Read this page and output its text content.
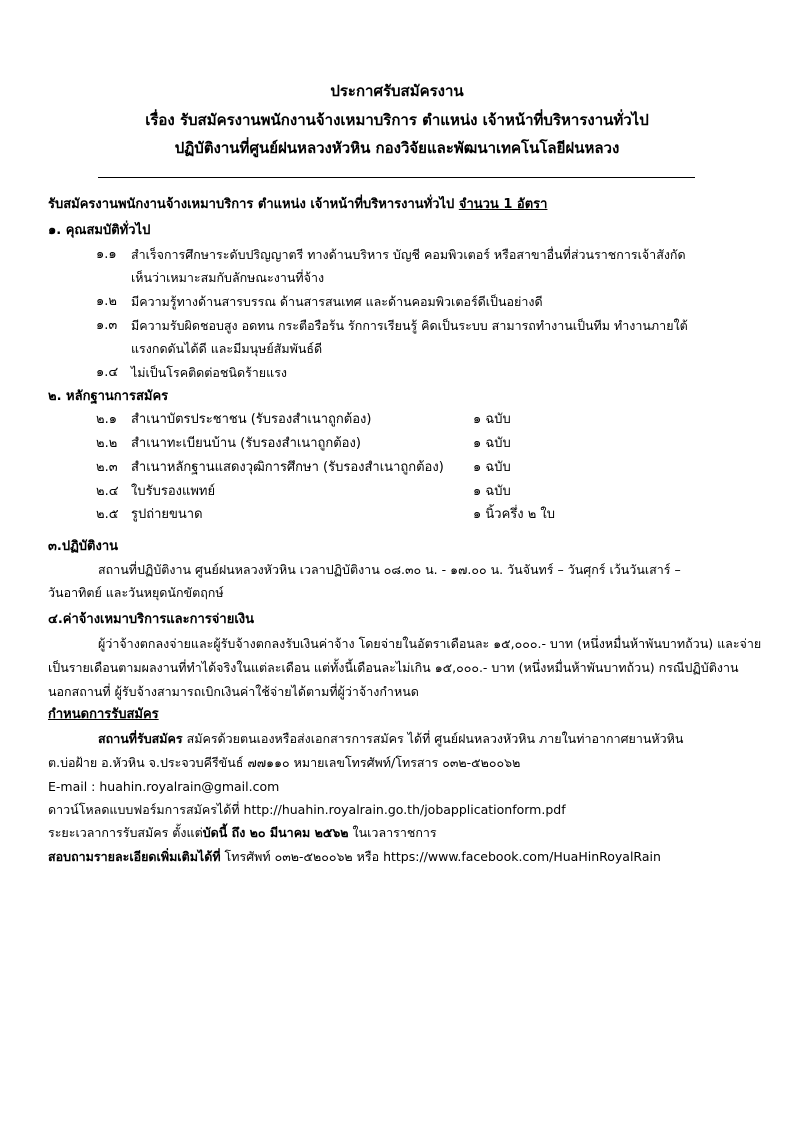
ประกาศรับสมัครงาน
เรื่อง รับสมัครงานพนักงานจ้างเหมาบริการ ตำแหน่ง เจ้าหน้าที่บริหารงานทั่วไป
ปฏิบัติงานที่ศูนย์ฝนหลวงหัวหิน กองวิจัยและพัฒนาเทคโนโลยีฝนหลวง
รับสมัครงานพนักงานจ้างเหมาบริการ ตำแหน่ง เจ้าหน้าที่บริหารงานทั่วไป จำนวน 1 อัตรา
๑. คุณสมบัติทั่วไป
๑.๑ สำเร็จการศึกษาระดับปริญญาตรี ทางด้านบริหาร บัญชี คอมพิวเตอร์ หรือสาขาอื่นที่ส่วนราชการเจ้าสังกัด
เห็นว่าเหมาะสมกับลักษณะงานที่จ้าง
๑.๒ มีความรู้ทางด้านสารบรรณ ด้านสารสนเทศ และด้านคอมพิวเตอร์ดีเป็นอย่างดี
๑.๓ มีความรับผิดชอบสูง อดทน กระตือรือร้น รักการเรียนรู้ คิดเป็นระบบ สามารถทำงานเป็นทีม ทำงานภายใต้
แรงกดดันได้ดี และมีมนุษย์สัมพันธ์ดี
๑.๔ ไม่เป็นโรคติดต่อชนิดร้ายแรง
๒. หลักฐานการสมัคร
๒.๑ สำเนาบัตรประชาชน (รับรองสำเนาถูกต้อง)	๑ ฉบับ
๒.๒ สำเนาทะเบียนบ้าน (รับรองสำเนาถูกต้อง)	๑ ฉบับ
๒.๓ สำเนาหลักฐานแสดงวุฒิการศึกษา (รับรองสำเนาถูกต้อง) ๑ ฉบับ
๒.๔ ใบรับรองแพทย์	๑ ฉบับ
๒.๕ รูปถ่ายขนาด	๑ นิ้วครึ่ง ๒ ใบ
๓.ปฏิบัติงาน
สถานที่ปฏิบัติงาน ศูนย์ฝนหลวงหัวหิน เวลาปฏิบัติงาน ๐๘.๓๐ น. - ๑๗.๐๐ น. วันจันทร์ – วันศุกร์ เว้นวันเสาร์ –
วันอาทิตย์ และวันหยุดนักขัตฤกษ์
๔.ค่าจ้างเหมาบริการและการจ่ายเงิน
ผู้ว่าจ้างตกลงจ่ายและผู้รับจ้างตกลงรับเงินค่าจ้าง โดยจ่ายในอัตราเดือนละ ๑๕,๐๐๐.- บาท (หนึ่งหมื่นห้าพันบาทถ้วน) และจ่าย
เป็นรายเดือนตามผลงานที่ทำได้จริงในแต่ละเดือน แต่ทั้งนี้เดือนละไม่เกิน ๑๕,๐๐๐.- บาท (หนึ่งหมื่นห้าพันบาทถ้วน) กรณีปฏิบัติงาน
นอกสถานที่ ผู้รับจ้างสามารถเบิกเงินค่าใช้จ่ายได้ตามที่ผู้ว่าจ้างกำหนด
กำหนดการรับสมัคร
สถานที่รับสมัคร สมัครด้วยตนเองหรือส่งเอกสารการสมัคร ได้ที่ ศูนย์ฝนหลวงหัวหิน ภายในท่าอากาศยานหัวหิน
ต.บ่อฝ้าย อ.หัวหิน จ.ประจวบคีรีขันธ์ ๗๗๑๑๐ หมายเลขโทรศัพท์/โทรสาร ๐๓๒-๕๒๐๐๖๒
E-mail : huahin.royalrain@gmail.com
ดาวน์โหลดแบบฟอร์มการสมัครได้ที่ http://huahin.royalrain.go.th/jobapplicationform.pdf
ระยะเวลาการรับสมัคร ตั้งแต่บัดนี้ ถึง ๒๐ มีนาคม ๒๕๖๒ ในเวลาราชการ
สอบถามรายละเอียดเพิ่มเติมได้ที่ โทรศัพท์ ๐๓๒-๕๒๐๐๖๒ หรือ https://www.facebook.com/HuaHinRoyalRain
